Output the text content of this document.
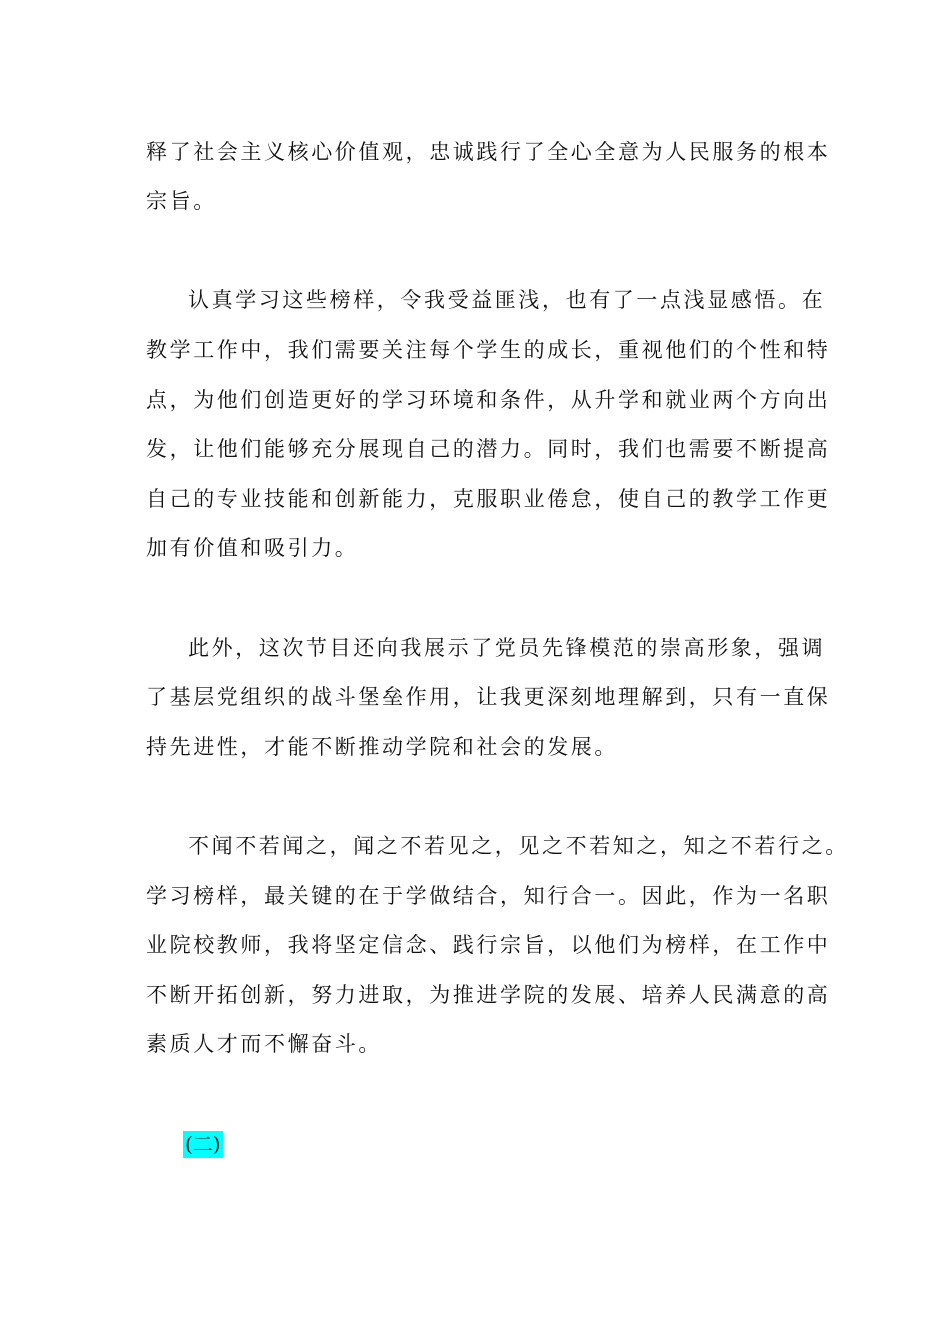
释了社会主义核心价值观，忠诚践行了全心全意为人民服务的根本
宗旨。
认真学习这些榜样，令我受益匪浅，也有了一点浅显感悟。在
教学工作中，我们需要关注每个学生的成长，重视他们的个性和特
点，为他们创造更好的学习环境和条件，从升学和就业两个方向出
发，让他们能够充分展现自己的潜力。同时，我们也需要不断提高
自己的专业技能和创新能力，克服职业倦怠，使自己的教学工作更
加有价值和吸引力。
此外，这次节目还向我展示了党员先锋模范的崇高形象，强调
了基层党组织的战斗堡垒作用，让我更深刻地理解到，只有一直保
持先进性，才能不断推动学院和社会的发展。
不闻不若闻之，闻之不若见之，见之不若知之，知之不若行之。
学习榜样，最关键的在于学做结合，知行合一。因此，作为一名职
业院校教师，我将坚定信念、践行宗旨，以他们为榜样，在工作中
不断开拓创新，努力进取，为推进学院的发展、培养人民满意的高
素质人才而不懈奋斗。
(二)
